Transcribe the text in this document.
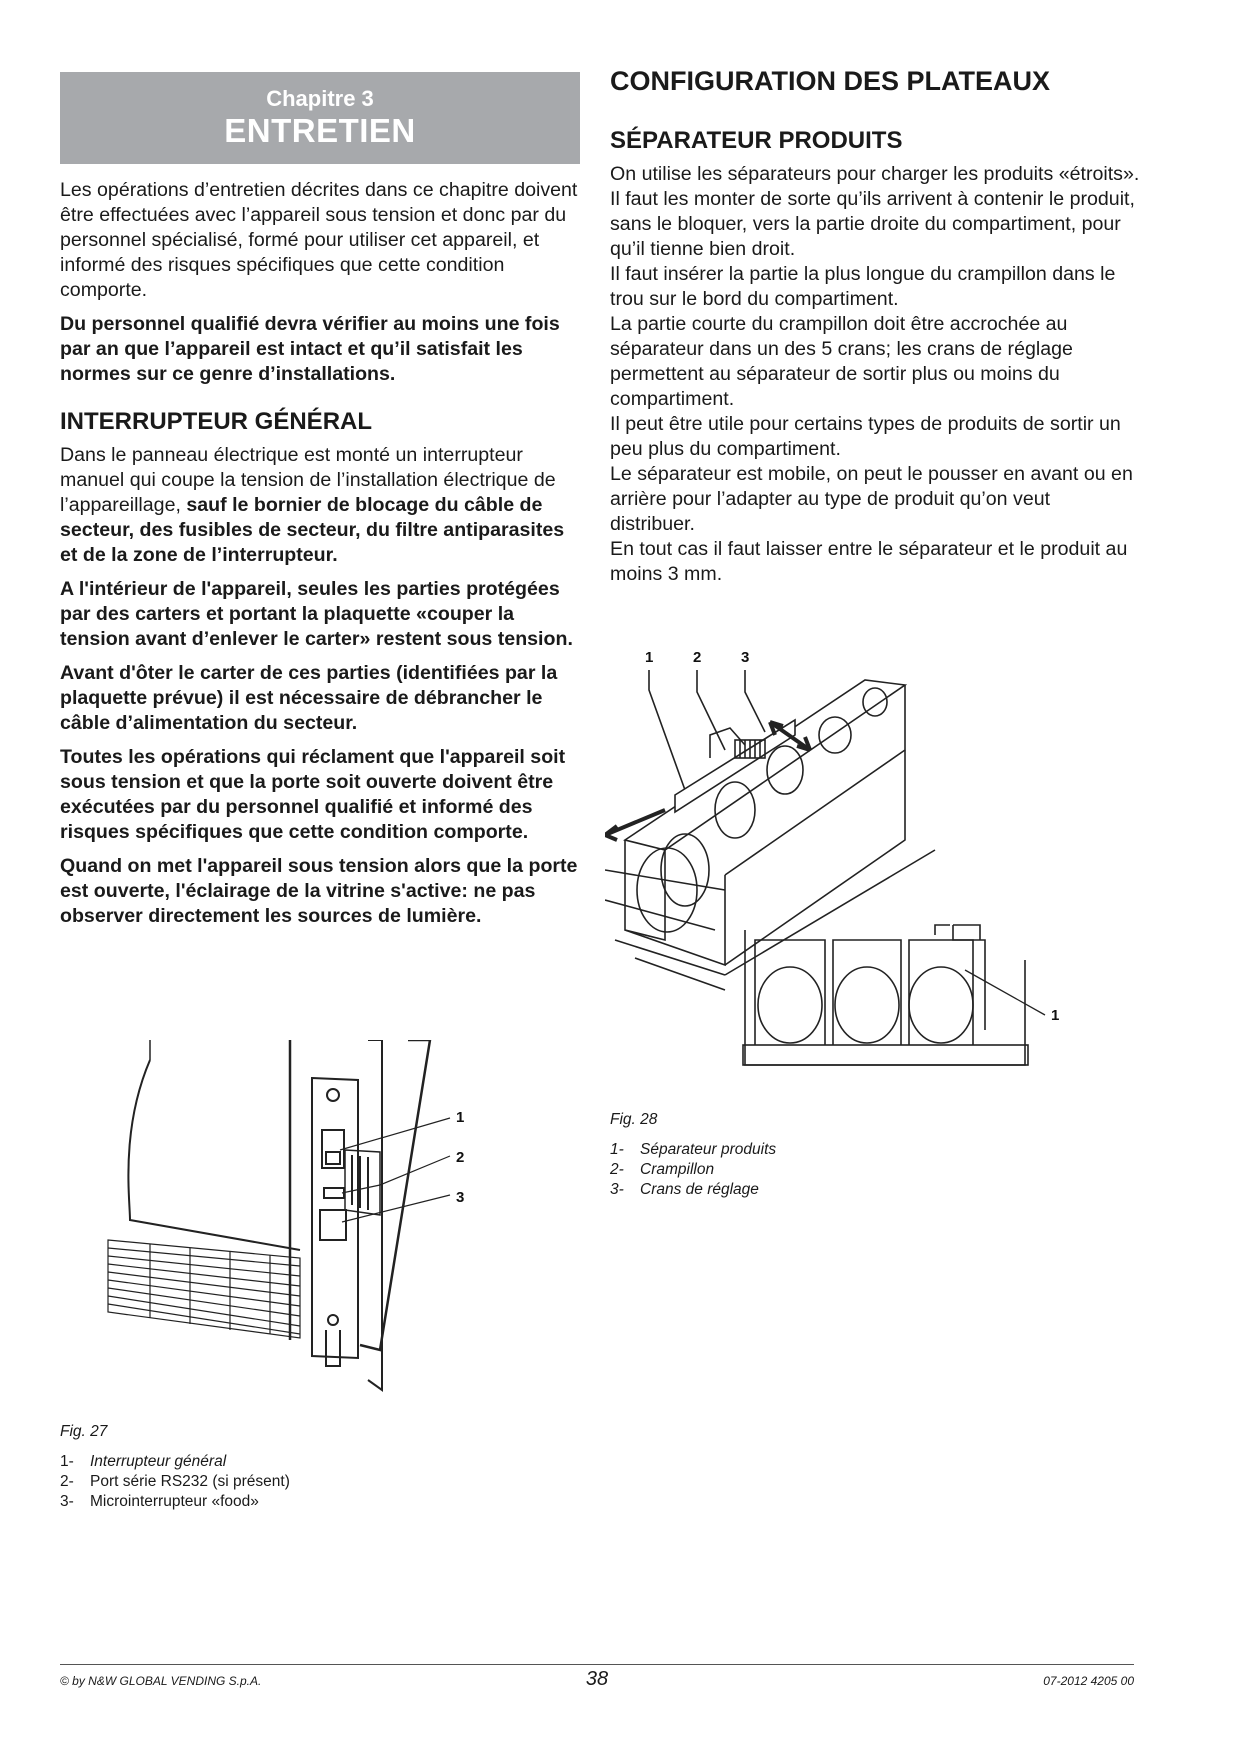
Chapitre 3
ENTRETIEN

Les opérations d’entretien décrites dans ce chapitre doivent être effectuées avec l’appareil sous tension et donc par du personnel spécialisé, formé pour utiliser cet appareil, et informé des risques spécifiques que cette condition comporte.

Du personnel qualifié devra vérifier au moins une fois par an que l’appareil est intact et qu’il satisfait les normes sur ce genre d’installations.

INTERRUPTEUR GÉNÉRAL

Dans le panneau électrique est monté un interrupteur manuel qui coupe la tension de l’installation électrique de l’appareillage, sauf le bornier de blocage du câble de secteur, des fusibles de secteur, du filtre antiparasites et de la zone de l’interrupteur.

A l'intérieur de l'appareil, seules les parties protégées par des carters et portant la plaquette «couper la tension avant d’enlever le carter» restent sous tension.

Avant d'ôter le carter de ces parties (identifiées par la plaquette prévue) il est nécessaire de débrancher le câble d’alimentation du secteur.

Toutes les opérations qui réclament que l'appareil soit sous tension et que la porte soit ouverte doivent être exécutées par du personnel qualifié et informé des risques spécifiques que cette condition comporte.

Quand on met l'appareil sous tension alors que la porte est ouverte, l'éclairage de la vitrine s'active: ne pas observer directement les sources de lumière.

1
2
3
Fig. 27
1-	Interrupteur général
2-	Port série RS232 (si présent)
3-	Microinterrupteur «food»
CONFIGURATION DES PLATEAUX
SÉPARATEUR PRODUITS

On utilise les séparateurs pour charger les produits «étroits».

Il faut les monter de sorte qu’ils arrivent à contenir le produit, sans le bloquer, vers la partie droite du compartiment, pour qu’il tienne bien droit.

Il faut insérer la partie la plus longue du crampillon dans le trou sur le bord du compartiment.

La partie courte du crampillon doit être accrochée au séparateur dans un des 5 crans; les crans de réglage permettent au séparateur de sortir plus ou moins du compartiment.

Il peut être utile pour certains types de produits de sortir un peu plus du compartiment.

Le séparateur est mobile, on peut le pousser en avant ou en arrière pour l’adapter au type de produit qu’on veut distribuer.

En tout cas il faut laisser entre le séparateur et le produit au moins 3 mm.

1	2	3
1
Fig. 28
1-	Séparateur produits
2-	Crampillon
3-	Crans de réglage
© by N&W GLOBAL VENDING S.p.A.	38	07-2012 4205 00
